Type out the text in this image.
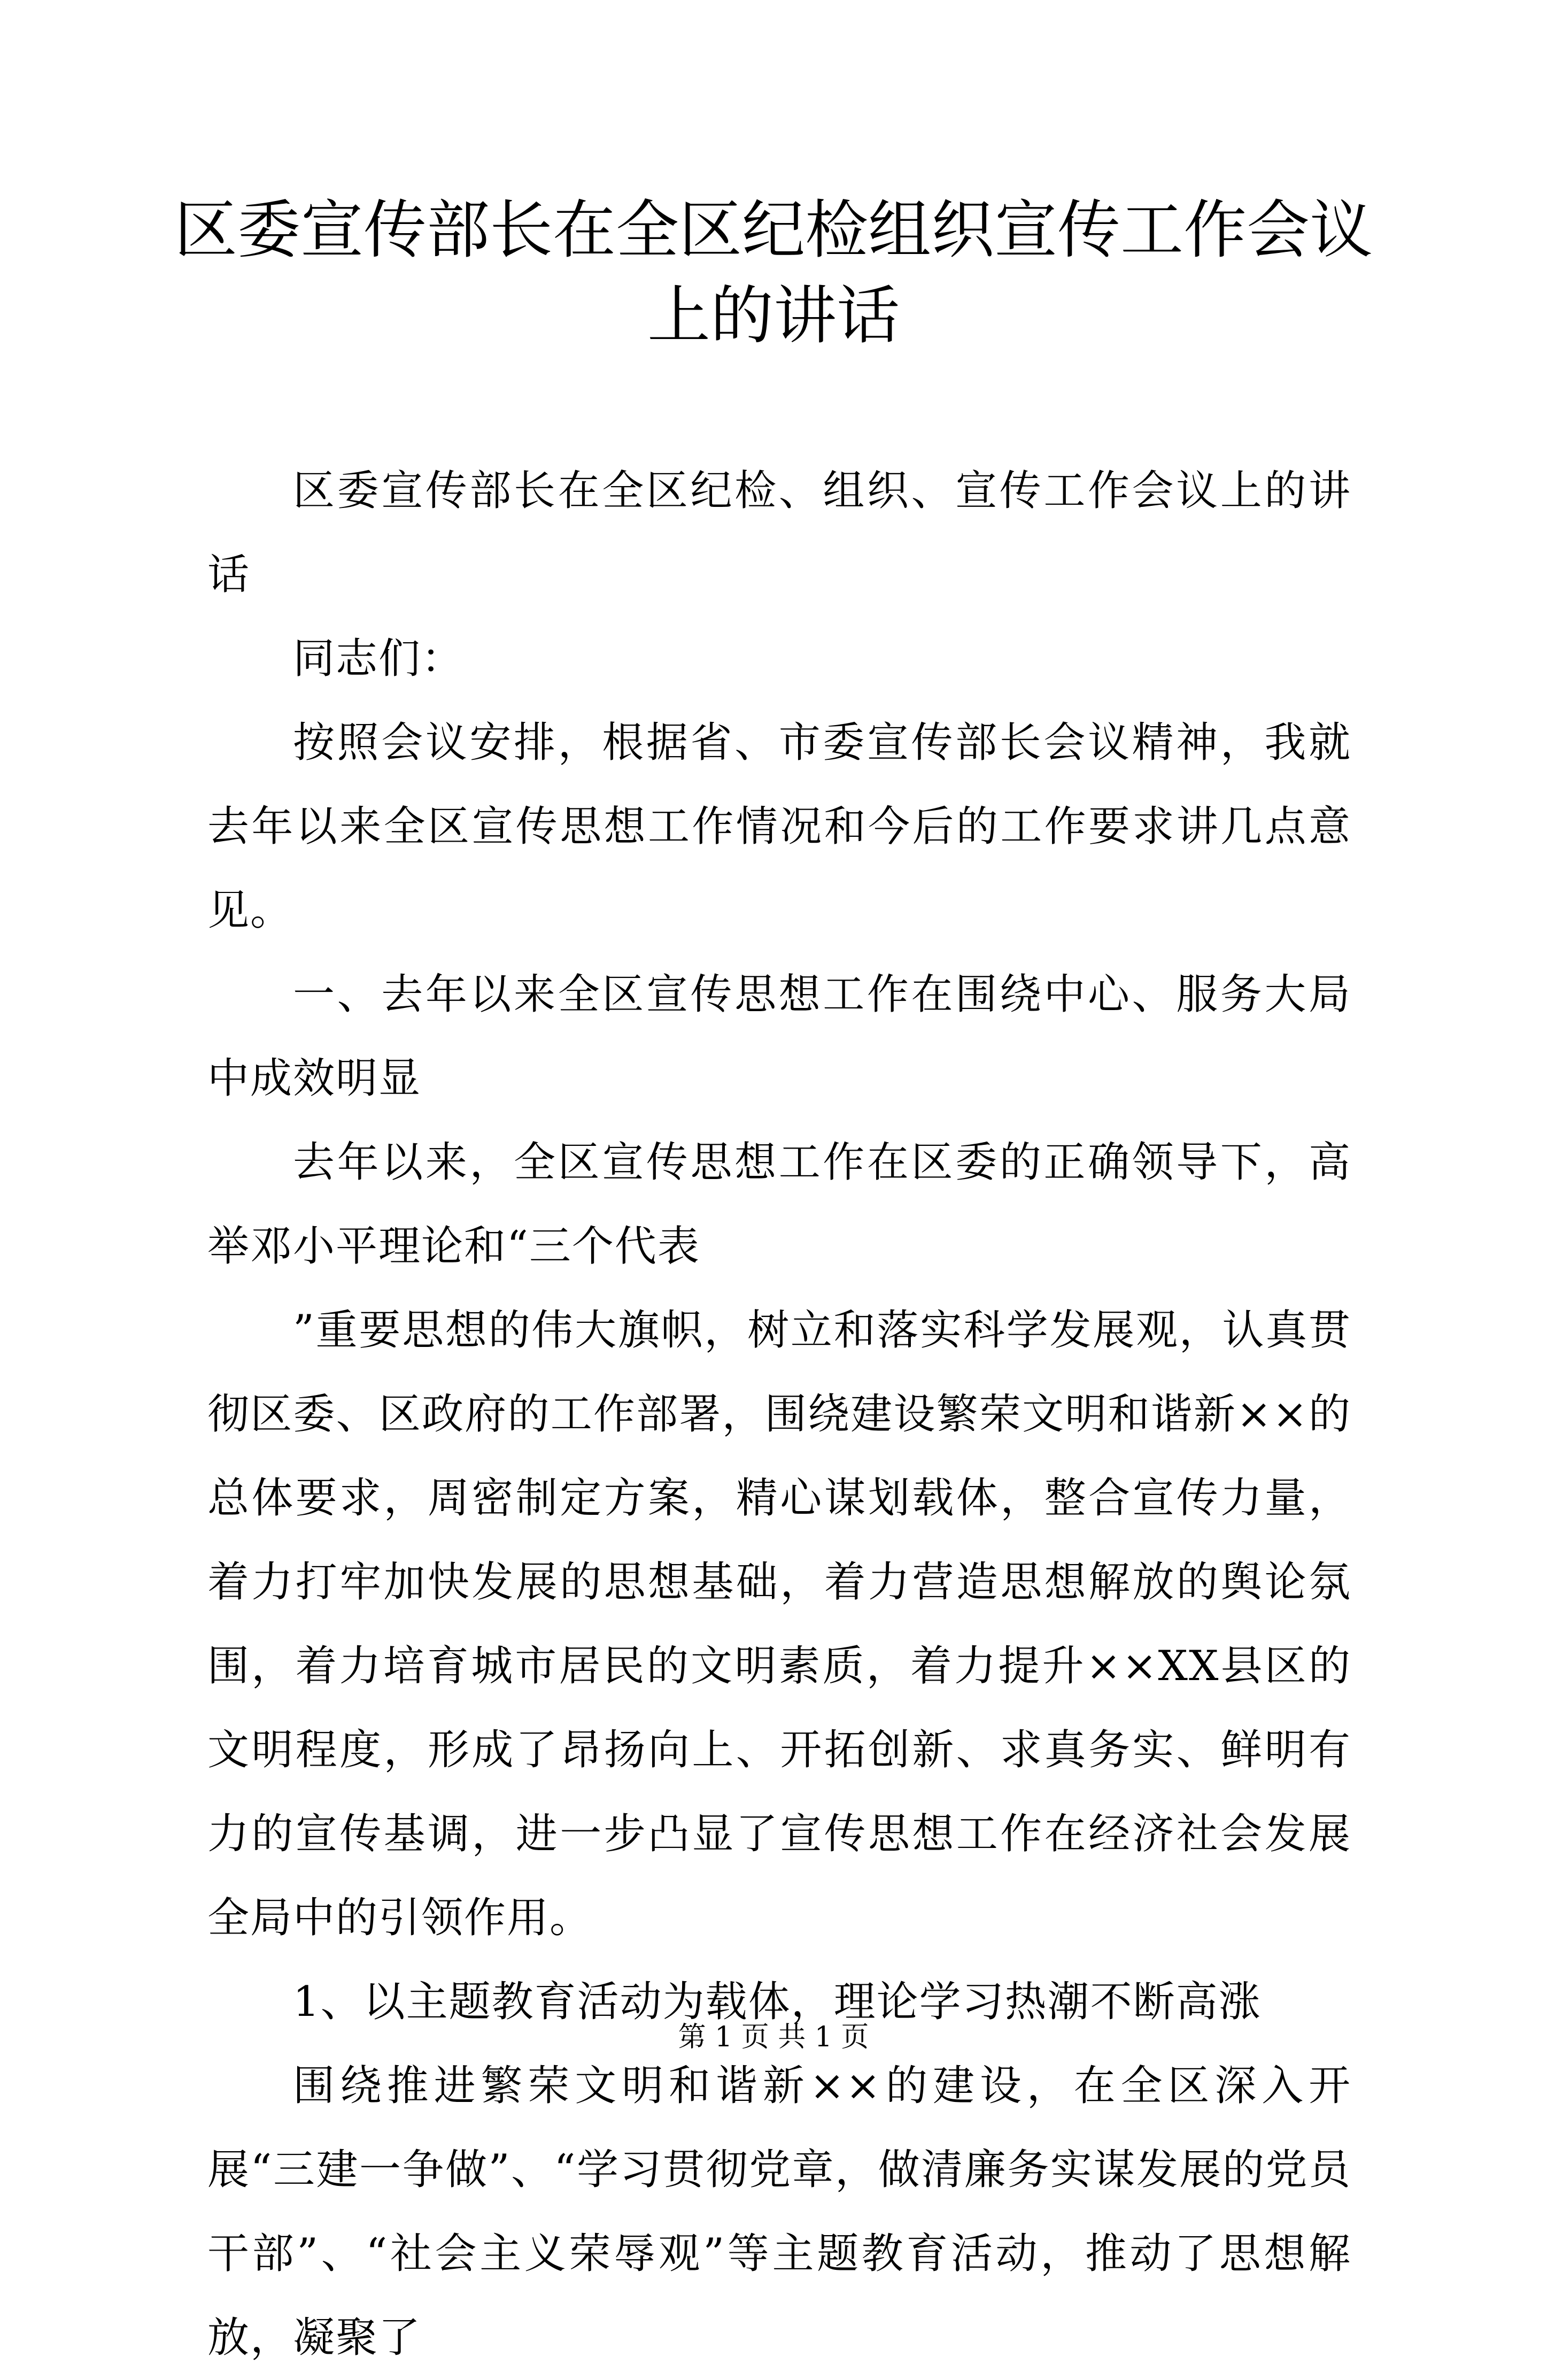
区委宣传部长在全区纪检组织宣传工作会议上的讲话

区委宣传部长在全区纪检、组织、宣传工作会议上的讲话

同志们：

按照会议安排，根据省、市委宣传部长会议精神，我就去年以来全区宣传思想工作情况和今后的工作要求讲几点意见。

一、去年以来全区宣传思想工作在围绕中心、服务大局中成效明显

去年以来，全区宣传思想工作在区委的正确领导下，高举邓小平理论和“三个代表

”重要思想的伟大旗帜，树立和落实科学发展观，认真贯彻区委、区政府的工作部署，围绕建设繁荣文明和谐新××的总体要求，周密制定方案，精心谋划载体，整合宣传力量，着力打牢加快发展的思想基础，着力营造思想解放的舆论氛围，着力培育城市居民的文明素质，着力提升××XX县区的文明程度，形成了昂扬向上、开拓创新、求真务实、鲜明有力的宣传基调，进一步凸显了宣传思想工作在经济社会发展全局中的引领作用。

1、以主题教育活动为载体，理论学习热潮不断高涨

围绕推进繁荣文明和谐新××的建设，在全区深入开展“三建一争做”、“学习贯彻党章，做清廉务实谋发展的党员干部”、“社会主义荣辱观”等主题教育活动，推动了思想解放，凝聚了

第 1 页 共 1 页
